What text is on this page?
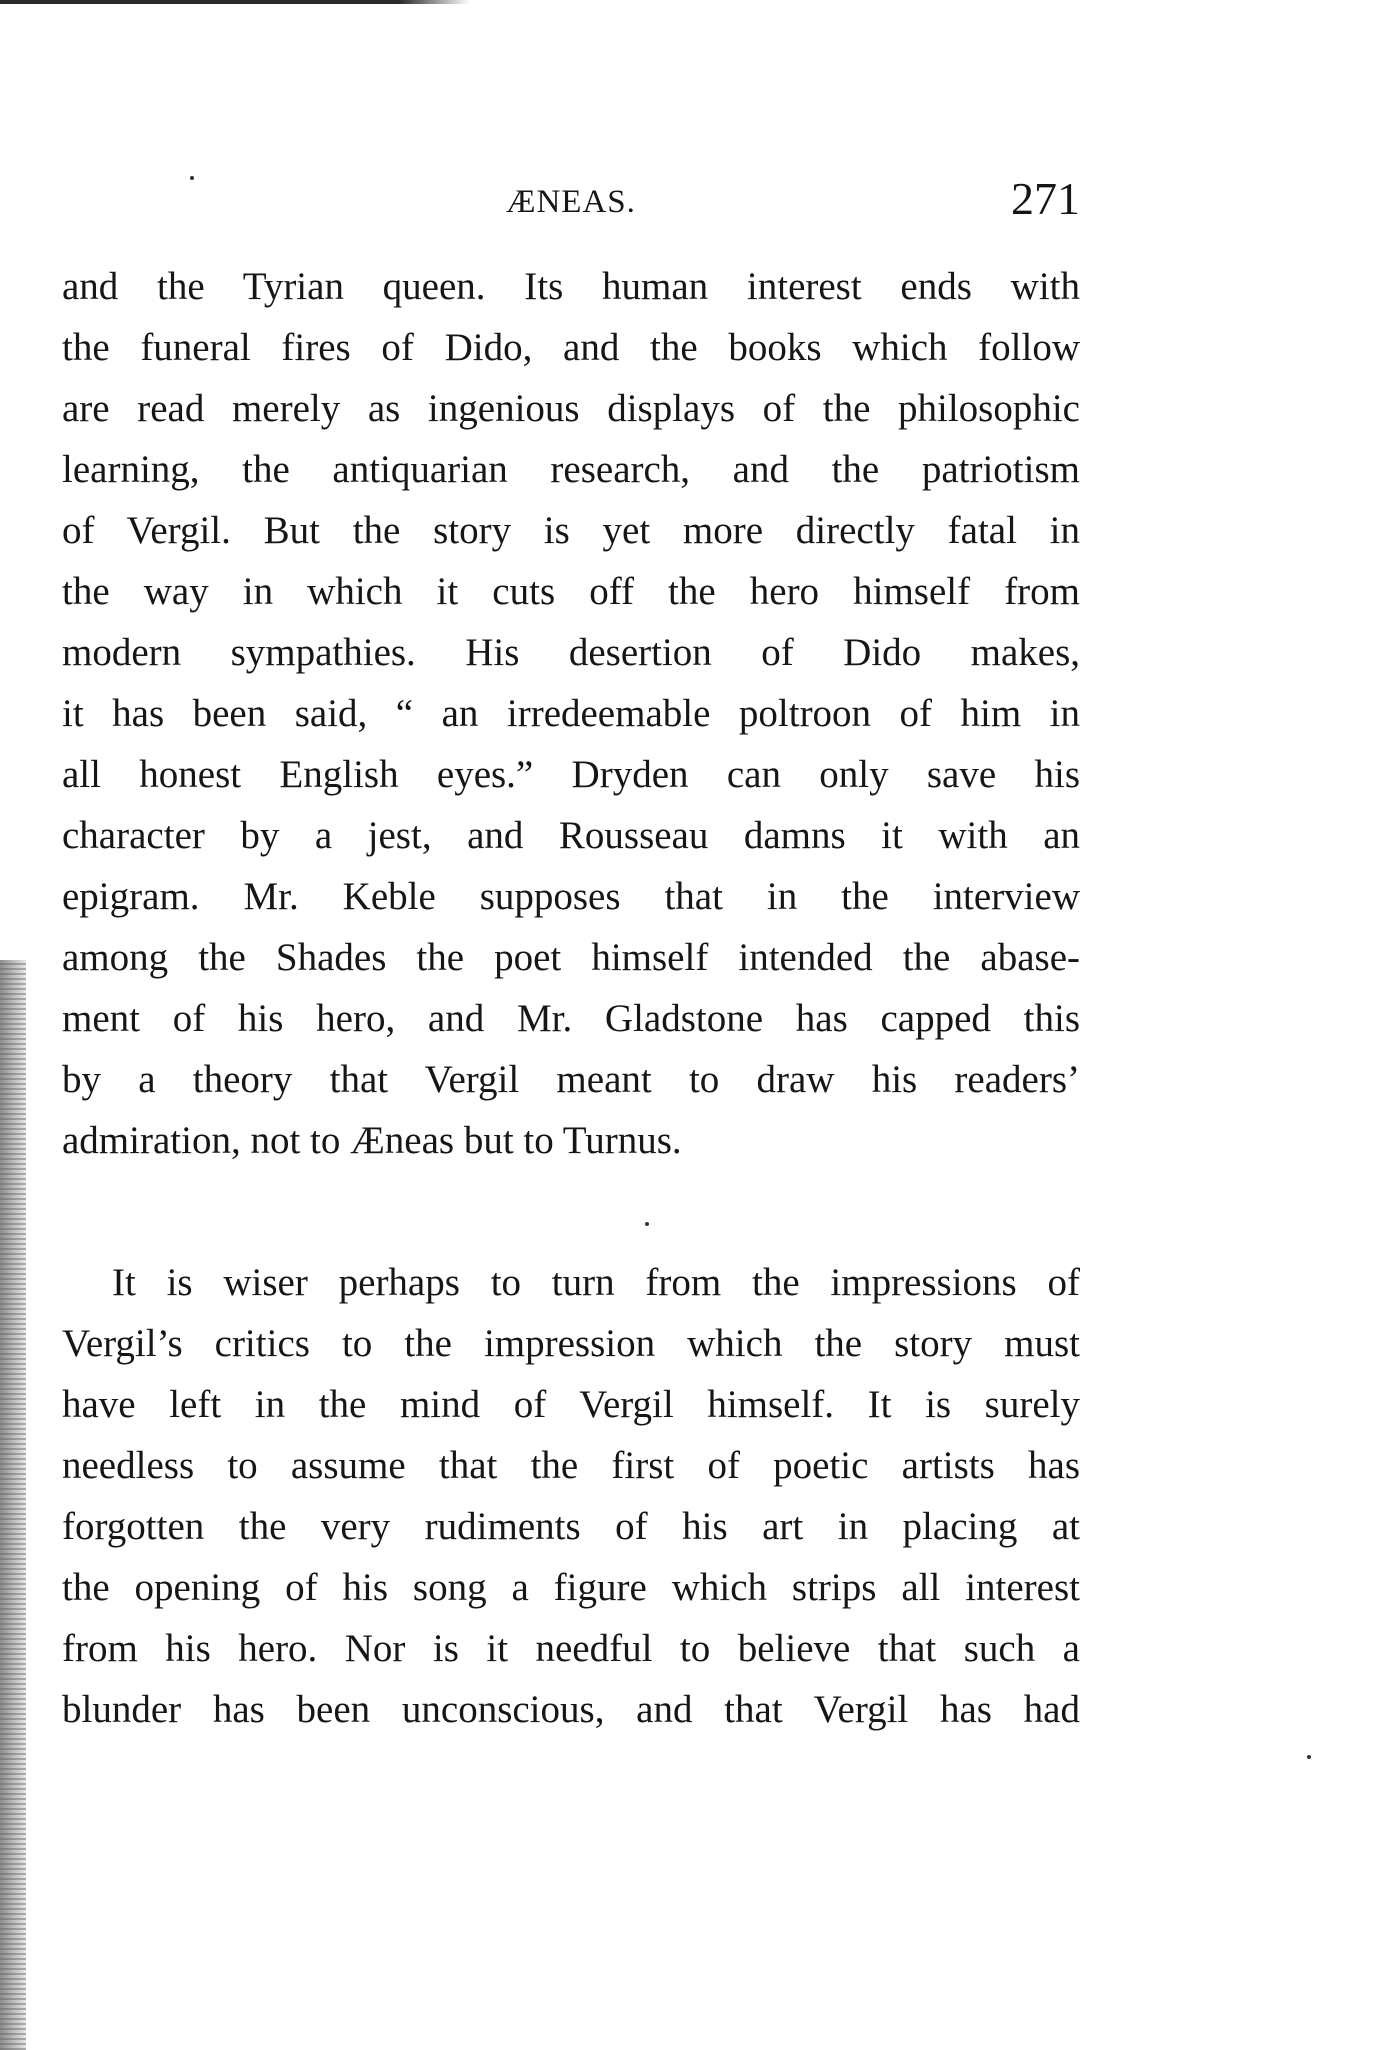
ÆNEAS.	271
and the Tyrian queen. Its human interest ends with
the funeral fires of Dido, and the books which follow
are read merely as ingenious displays of the philosophic
learning, the antiquarian research, and the patriotism
of Vergil. But the story is yet more directly fatal in
the way in which it cuts off the hero himself from
modern sympathies. His desertion of Dido makes,
it has been said, “ an irredeemable poltroon of him in
all honest English eyes.” Dryden can only save his
character by a jest, and Rousseau damns it with an
epigram. Mr. Keble supposes that in the interview
among the Shades the poet himself intended the abase-
ment of his hero, and Mr. Gladstone has capped this
by a theory that Vergil meant to draw his readers’
admiration, not to Æneas but to Turnus.
It is wiser perhaps to turn from the impressions of
Vergil’s critics to the impression which the story must
have left in the mind of Vergil himself. It is surely
needless to assume that the first of poetic artists has
forgotten the very rudiments of his art in placing at
the opening of his song a figure which strips all interest
from his hero. Nor is it needful to believe that such a
blunder has been unconscious, and that Vergil has had
